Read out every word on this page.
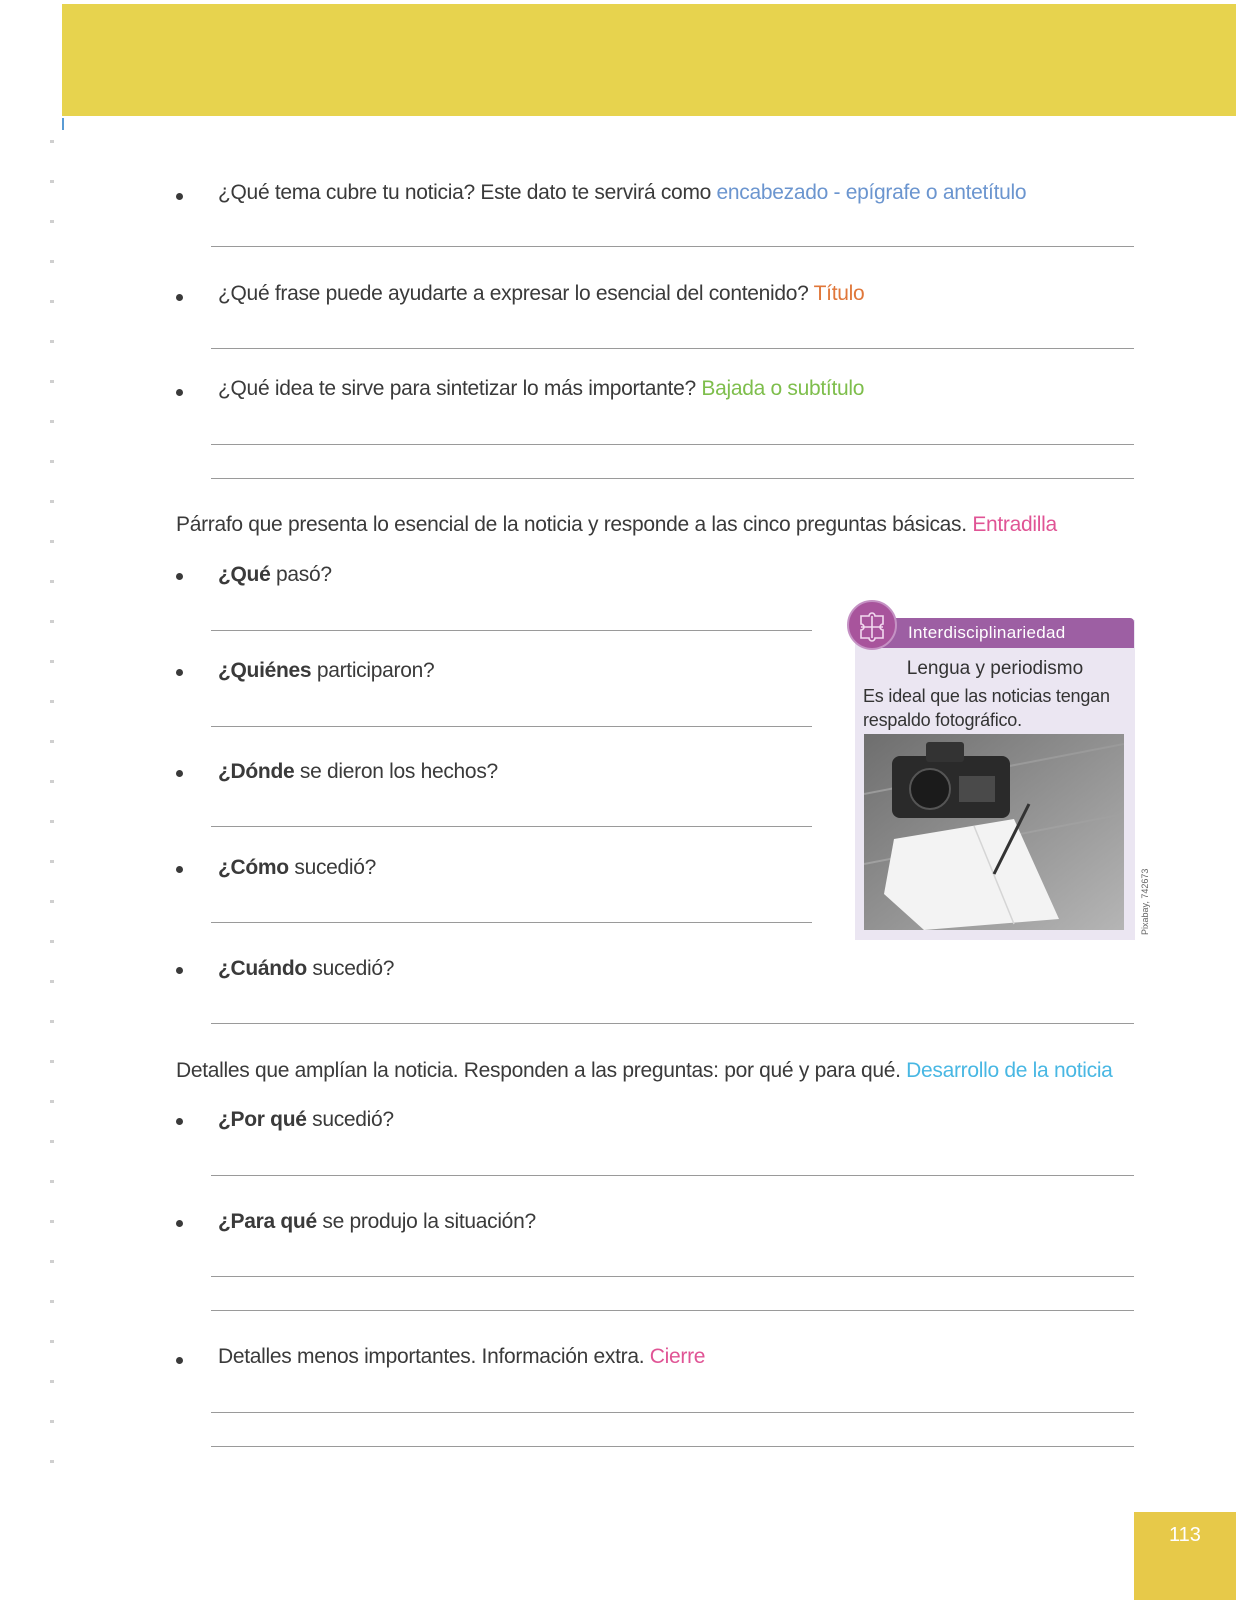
¿Qué tema cubre tu noticia? Este dato te servirá como encabezado - epígrafe o antetítulo
¿Qué frase puede ayudarte a expresar lo esencial del contenido? Título
¿Qué idea te sirve para sintetizar lo más importante? Bajada o subtítulo
Párrafo que presenta lo esencial de la noticia y responde a las cinco preguntas básicas. Entradilla
¿Qué pasó?
¿Quiénes participaron?
¿Dónde se dieron los hechos?
¿Cómo sucedió?
¿Cuándo sucedió?
Interdisciplinariedad
Lengua y periodismo
Es ideal que las noticias tengan respaldo fotográfico.
Pixabay, 742673
Detalles que amplían la noticia. Responden a las preguntas: por qué y para qué. Desarrollo de la noticia
¿Por qué sucedió?
¿Para qué se produjo la situación?
Detalles menos importantes. Información extra. Cierre
113
